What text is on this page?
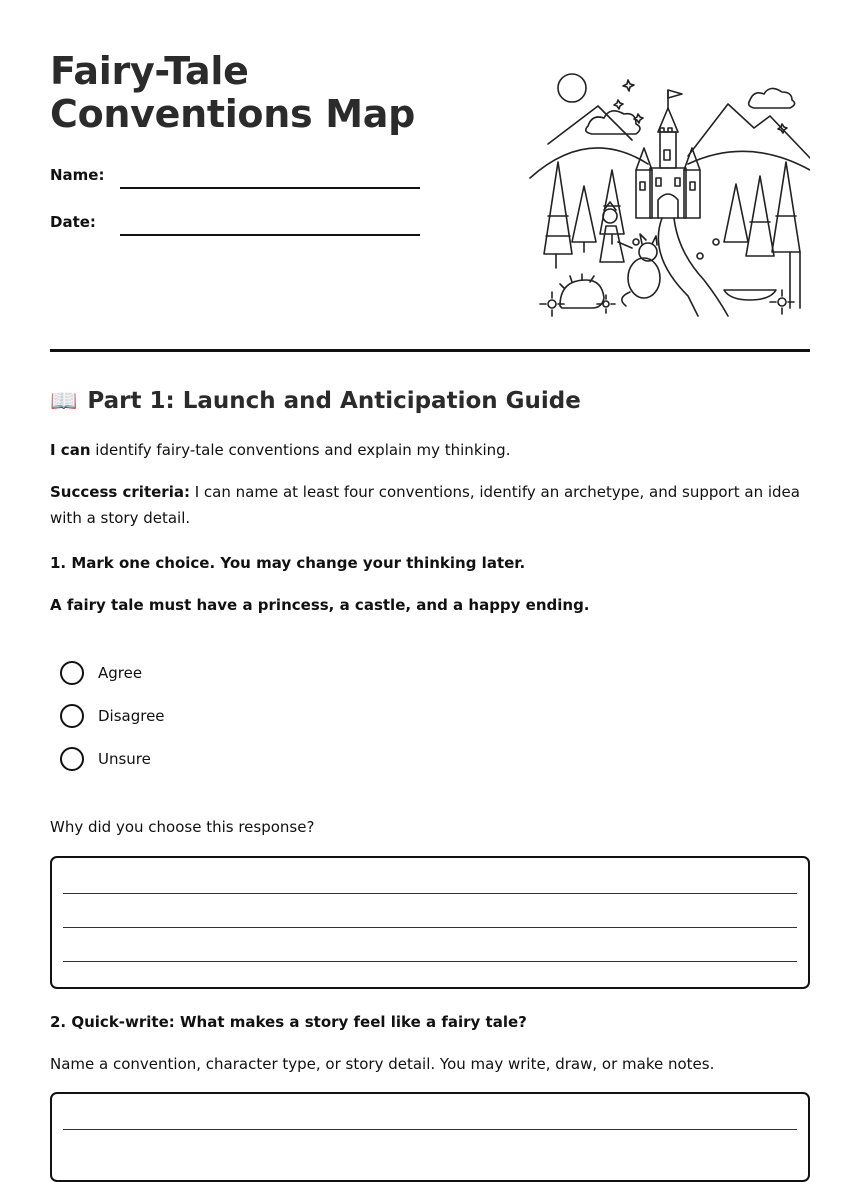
Fairy-Tale Conventions Map
Name:
Date:
📖 Part 1: Launch and Anticipation Guide

I can identify fairy-tale conventions and explain my thinking.

Success criteria: I can name at least four conventions, identify an archetype, and support an idea with a story detail.

1. Mark one choice. You may change your thinking later.

A fairy tale must have a princess, a castle, and a happy ending.

Agree
Disagree
Unsure

Why did you choose this response?

2. Quick-write: What makes a story feel like a fairy tale?

Name a convention, character type, or story detail. You may write, draw, or make notes.
